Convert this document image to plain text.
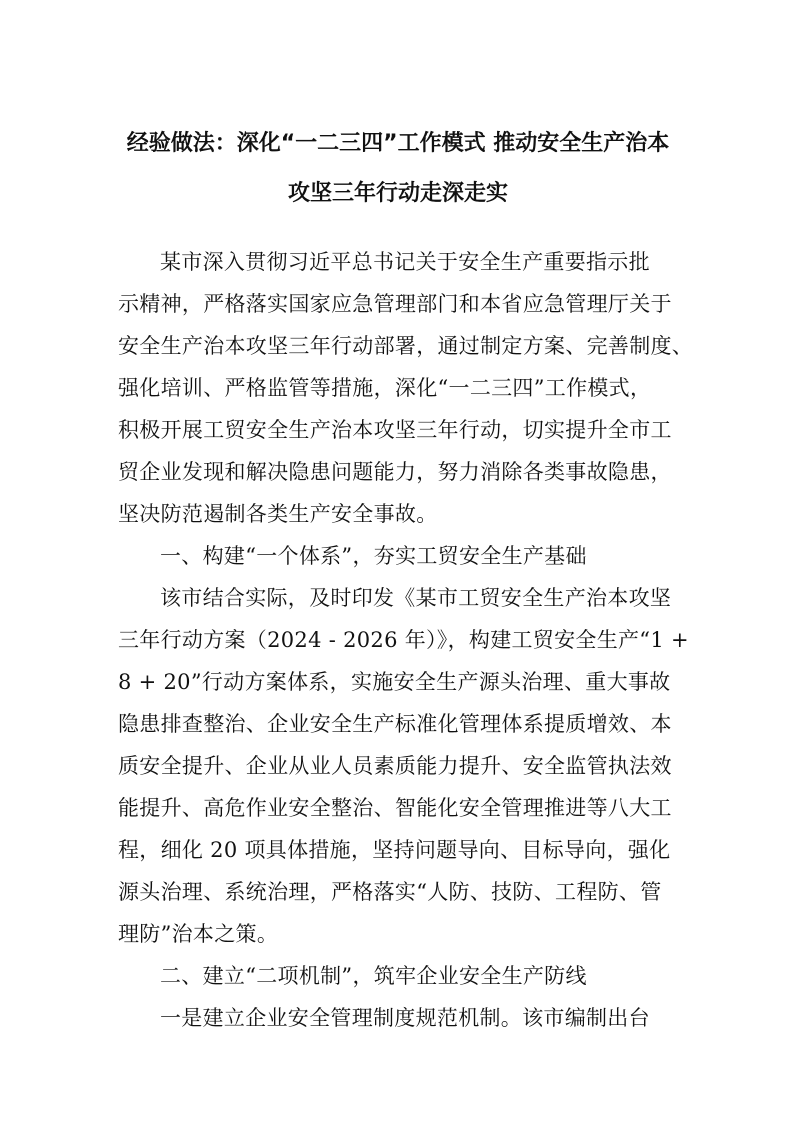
经验做法：深化“一二三四”工作模式 推动安全生产治本
攻坚三年行动走深走实
某市深入贯彻习近平总书记关于安全生产重要指示批
示精神，严格落实国家应急管理部门和本省应急管理厅关于
安全生产治本攻坚三年行动部署，通过制定方案、完善制度、
强化培训、严格监管等措施，深化“一二三四”工作模式，
积极开展工贸安全生产治本攻坚三年行动，切实提升全市工
贸企业发现和解决隐患问题能力，努力消除各类事故隐患，
坚决防范遏制各类生产安全事故。
一、构建“一个体系”，夯实工贸安全生产基础
该市结合实际，及时印发《某市工贸安全生产治本攻坚
三年行动方案（2024 - 2026 年）》，构建工贸安全生产“1 +
8 + 20”行动方案体系，实施安全生产源头治理、重大事故
隐患排查整治、企业安全生产标准化管理体系提质增效、本
质安全提升、企业从业人员素质能力提升、安全监管执法效
能提升、高危作业安全整治、智能化安全管理推进等八大工
程，细化 20 项具体措施，坚持问题导向、目标导向，强化
源头治理、系统治理，严格落实“人防、技防、工程防、管
理防”治本之策。
二、建立“二项机制”，筑牢企业安全生产防线
一是建立企业安全管理制度规范机制。该市编制出台
